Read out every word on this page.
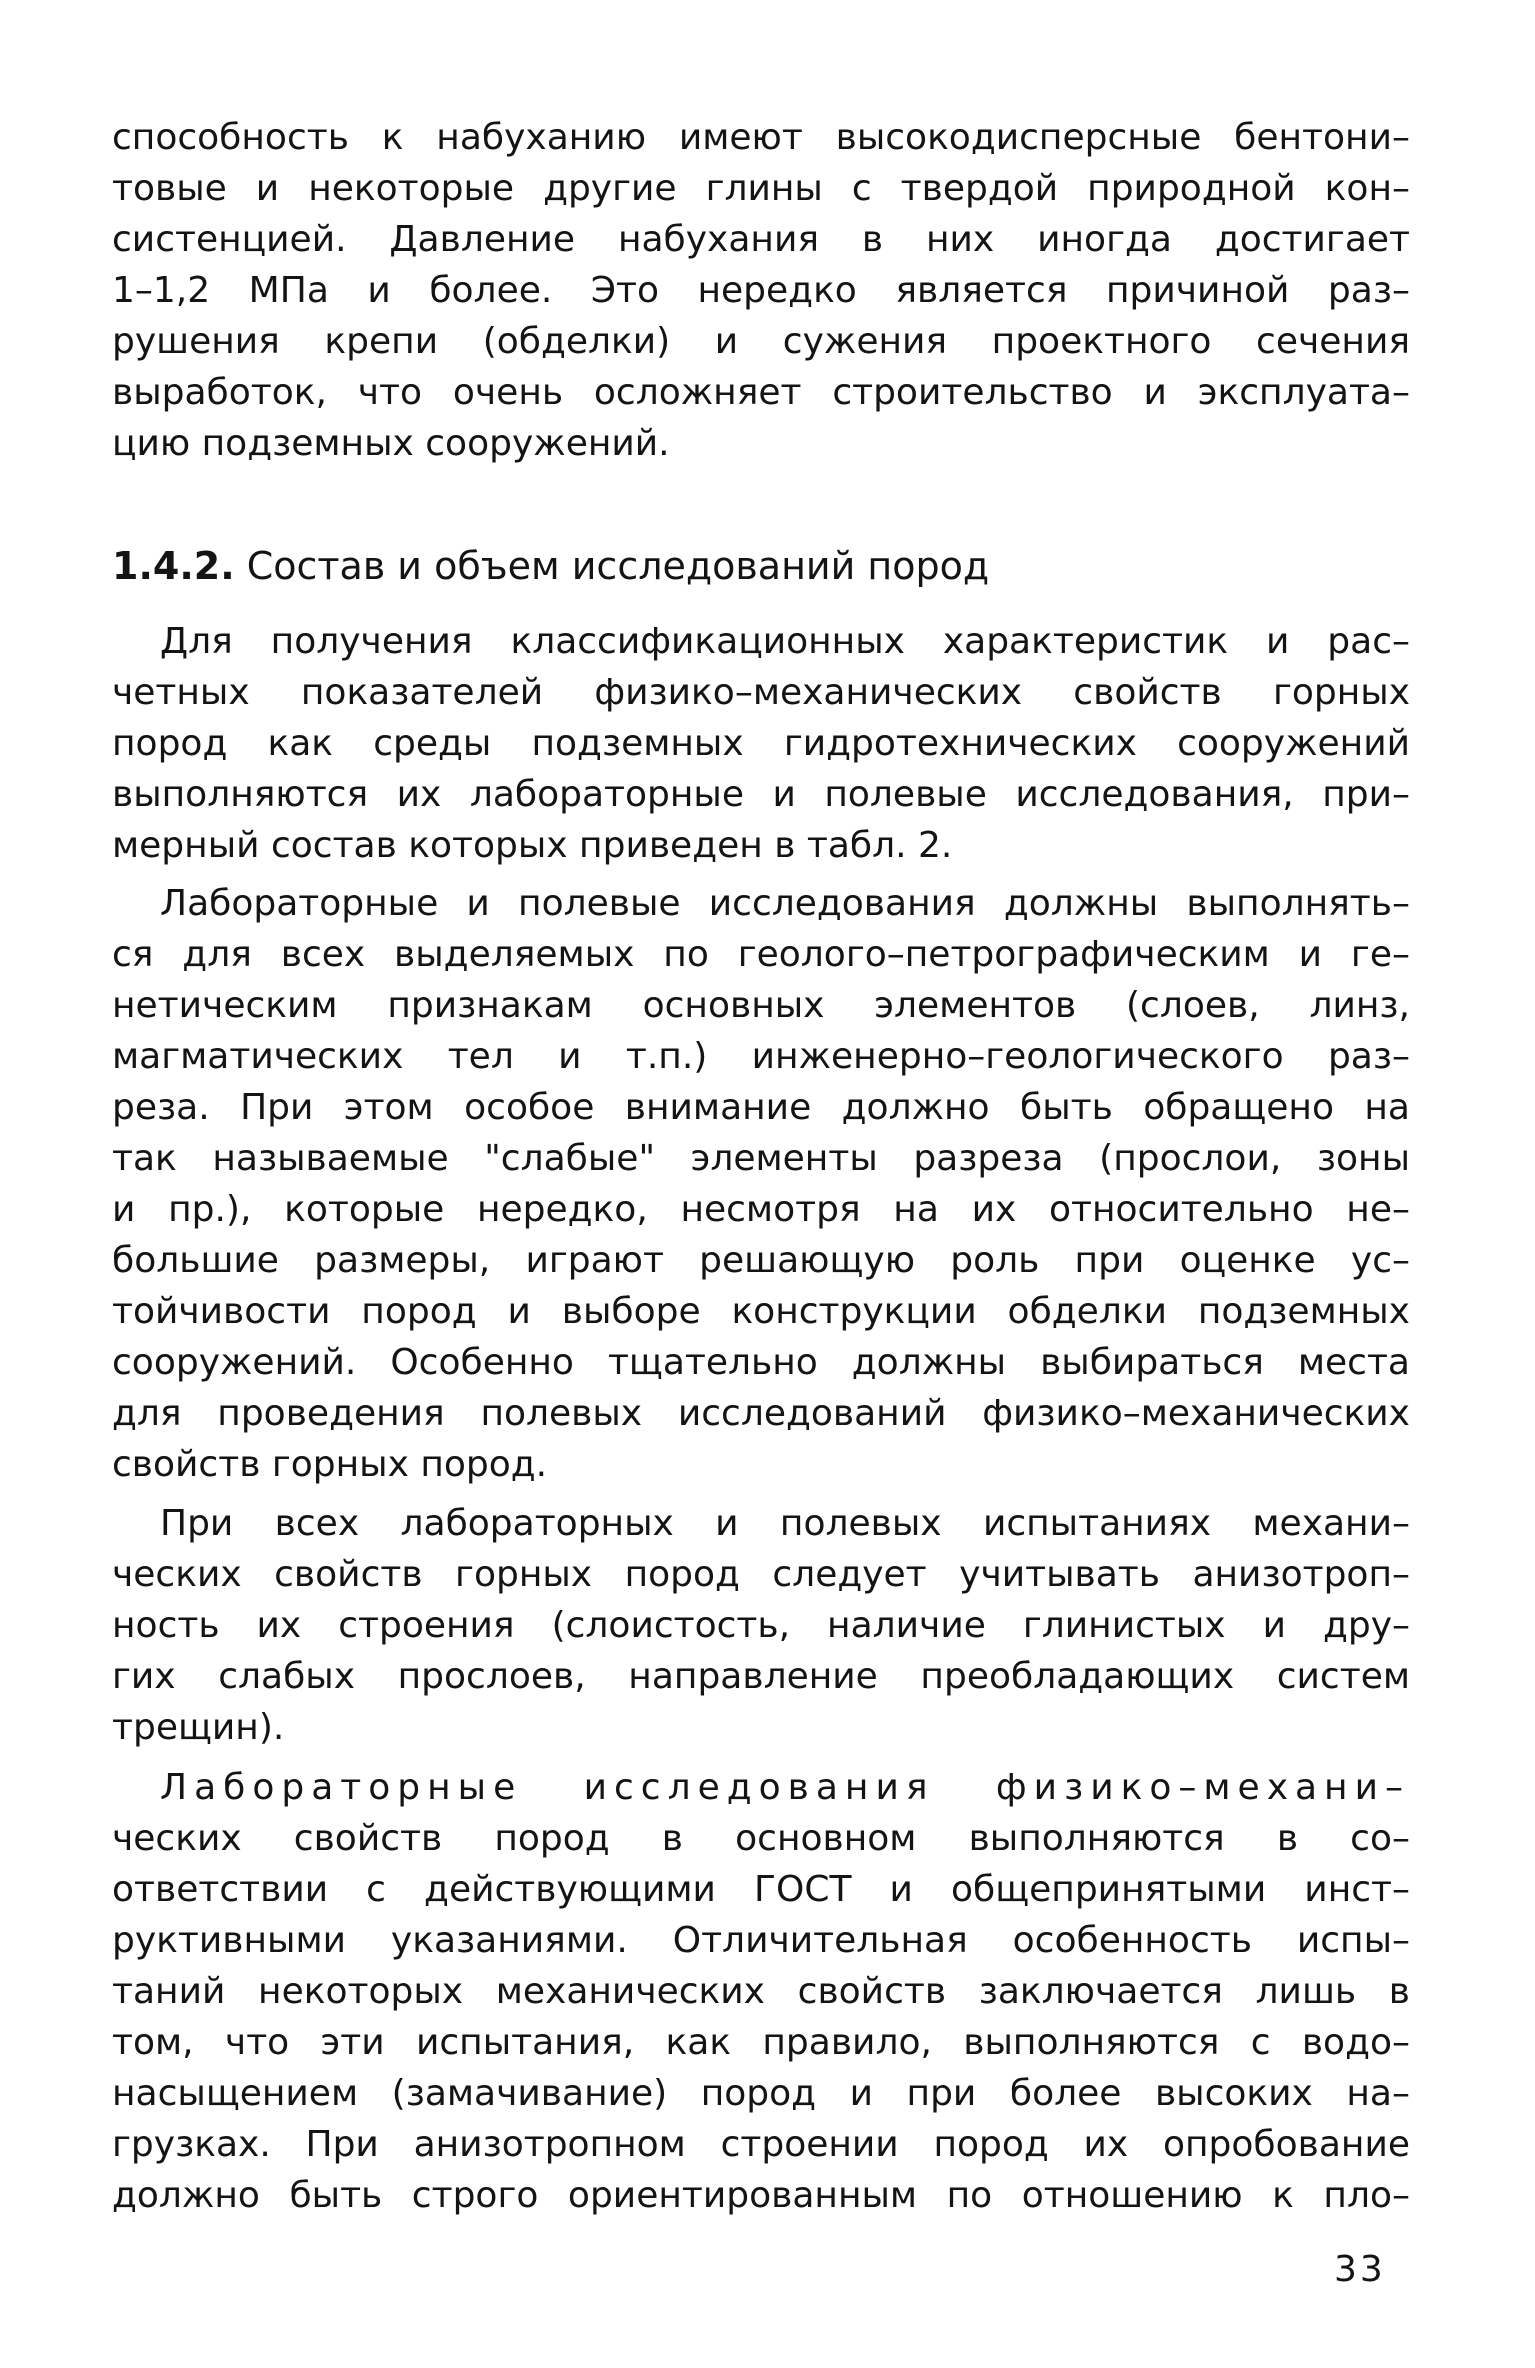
способность к набуханию имеют высокодисперсные бентони–
товые и некоторые другие глины с твердой природной кон–
систенцией. Давление набухания в них иногда достигает
1–1,2 МПа и более. Это нередко является причиной раз–
рушения крепи (обделки) и сужения проектного сечения
выработок, что очень осложняет строительство и эксплуата–
цию подземных сооружений.
1.4.2. Состав и объем исследований пород
Для получения классификационных характеристик и рас–
четных показателей физико–механических свойств горных
пород как среды подземных гидротехнических сооружений
выполняются их лабораторные и полевые исследования, при–
мерный состав которых приведен в табл. 2.
Лабораторные и полевые исследования должны выполнять–
ся для всех выделяемых по геолого–петрографическим и ге–
нетическим признакам основных элементов (слоев, линз,
магматических тел и т.п.) инженерно–геологического раз–
реза. При этом особое внимание должно быть обращено на
так называемые "слабые" элементы разреза (прослои, зоны
и пр.), которые нередко, несмотря на их относительно не–
большие размеры, играют решающую роль при оценке ус–
тойчивости пород и выборе конструкции обделки подземных
сооружений. Особенно тщательно должны выбираться места
для проведения полевых исследований физико–механических
свойств горных пород.
При всех лабораторных и полевых испытаниях механи–
ческих свойств горных пород следует учитывать анизотроп–
ность их строения (слоистость, наличие глинистых и дру–
гих слабых прослоев, направление преобладающих систем
трещин).
Лабораторные исследования физико–механи–
ческих свойств пород в основном выполняются в со–
ответствии с действующими ГОСТ и общепринятыми инст–
руктивными указаниями. Отличительная особенность испы–
таний некоторых механических свойств заключается лишь в
том, что эти испытания, как правило, выполняются с водо–
насыщением (замачивание) пород и при более высоких на–
грузках. При анизотропном строении пород их опробование
должно быть строго ориентированным по отношению к пло–
33
